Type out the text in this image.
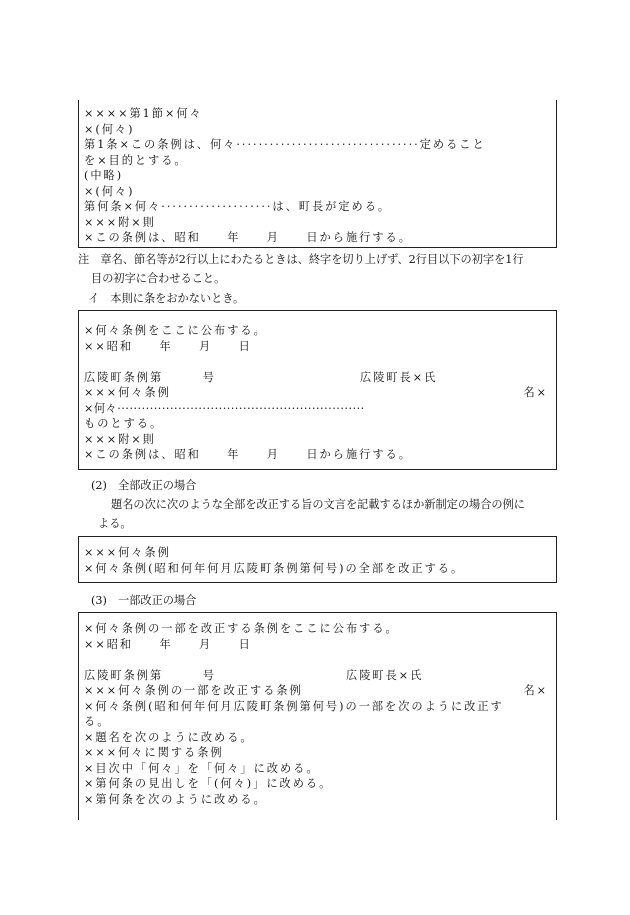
××××第1節×何々
×(何々)
第1条×この条例は、何々·································定めること
を×目的とする。
(中略)
×(何々)
第何条×何々····················は、町長が定める。
×××附×則
×この条例は、昭和　　年　　月　　日から施行する。
注　章名、節名等が2行以上にわたるときは、終字を切り上げず、2行目以下の初字を1行
目の初字に合わせること。
イ　本則に条をおかないとき。
×何々条例をここに公布する。
××昭和　　年　　月　　日

広陵町長×氏

名×

広陵町条例第　　　号
×××何々条例
×何々·····························································
ものとする。
×××附×則
×この条例は、昭和　　年　　月　　日から施行する。
(2)　全部改正の場合
題名の次に次のような全部を改正する旨の文言を記載するほか新制定の場合の例に
よる。
×××何々条例
×何々条例(昭和何年何月広陵町条例第何号)の全部を改正する。
(3)　一部改正の場合
×何々条例の一部を改正する条例をここに公布する。
××昭和　　年　　月　　日

広陵町長×氏

名×

広陵町条例第　　　号
×××何々条例の一部を改正する条例
×何々条例(昭和何年何月広陵町条例第何号)の一部を次のように改正す
る。
×題名を次のように改める。
×××何々に関する条例
×目次中「何々」を「何々」に改める。
×第何条の見出しを「(何々)」に改める。
×第何条を次のように改める。
